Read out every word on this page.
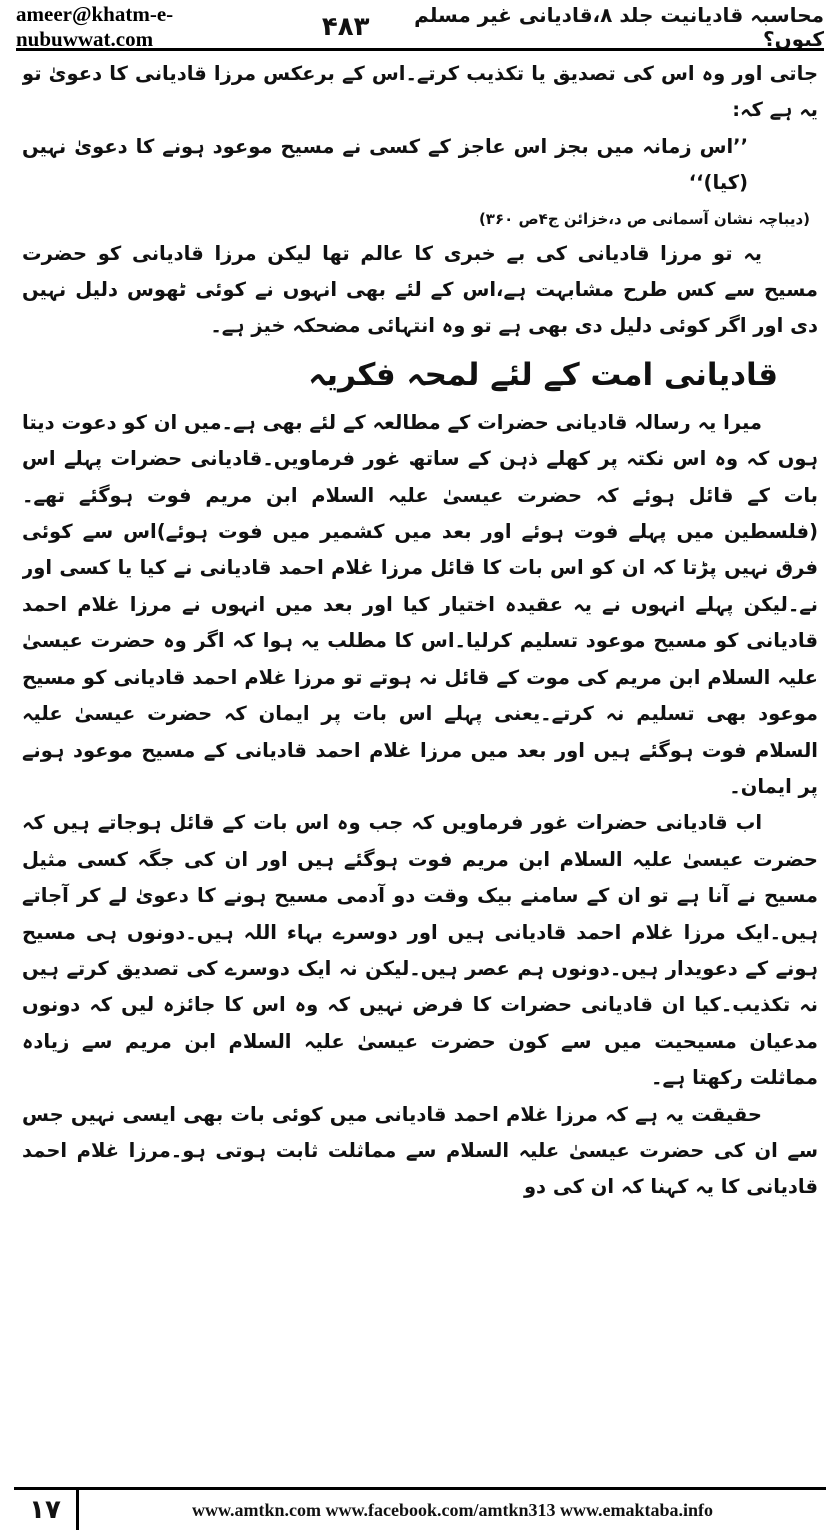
ameer@khatm-e-nubuwwat.com	۴۸۳	محاسبہ قادیانیت جلد ۸،قادیانی غیر مسلم کیوں؟

جاتی اور وہ اس کی تصدیق یا تکذیب کرتے۔اس کے برعکس مرزا قادیانی کا دعویٰ تو یہ ہے کہ:

’’اس زمانہ میں بجز اس عاجز کے کسی نے مسیح موعود ہونے کا دعویٰ نہیں (کیا)‘‘

(دیباچہ نشان آسمانی ص د،خزائن ج۴ص ۳۶۰)

یہ تو مرزا قادیانی کی بے خبری کا عالم تھا لیکن مرزا قادیانی کو حضرت مسیح سے کس طرح مشابہت ہے،اس کے لئے بھی انہوں نے کوئی ٹھوس دلیل نہیں دی اور اگر کوئی دلیل دی بھی ہے تو وہ انتہائی مضحکہ خیز ہے۔

قادیانی امت کے لئے لمحہ فکریہ

میرا یہ رسالہ قادیانی حضرات کے مطالعہ کے لئے بھی ہے۔میں ان کو دعوت دیتا ہوں کہ وہ اس نکتہ پر کھلے ذہن کے ساتھ غور فرماویں۔قادیانی حضرات پہلے اس بات کے قائل ہوئے کہ حضرت عیسیٰ علیہ السلام ابن مریم فوت ہوگئے تھے۔(فلسطین میں پہلے فوت ہوئے اور بعد میں کشمیر میں فوت ہوئے)اس سے کوئی فرق نہیں پڑتا کہ ان کو اس بات کا قائل مرزا غلام احمد قادیانی نے کیا یا کسی اور نے۔لیکن پہلے انہوں نے یہ عقیدہ اختیار کیا اور بعد میں انہوں نے مرزا غلام احمد قادیانی کو مسیح موعود تسلیم کرلیا۔اس کا مطلب یہ ہوا کہ اگر وہ حضرت عیسیٰ علیہ السلام ابن مریم کی موت کے قائل نہ ہوتے تو مرزا غلام احمد قادیانی کو مسیح موعود بھی تسلیم نہ کرتے۔یعنی پہلے اس بات پر ایمان کہ حضرت عیسیٰ علیہ السلام فوت ہوگئے ہیں اور بعد میں مرزا غلام احمد قادیانی کے مسیح موعود ہونے پر ایمان۔

اب قادیانی حضرات غور فرماویں کہ جب وہ اس بات کے قائل ہوجاتے ہیں کہ حضرت عیسیٰ علیہ السلام ابن مریم فوت ہوگئے ہیں اور ان کی جگہ کسی مثیل مسیح نے آنا ہے تو ان کے سامنے بیک وقت دو آدمی مسیح ہونے کا دعویٰ لے کر آجاتے ہیں۔ایک مرزا غلام احمد قادیانی ہیں اور دوسرے بہاء اللہ ہیں۔دونوں ہی مسیح ہونے کے دعویدار ہیں۔دونوں ہم عصر ہیں۔لیکن نہ ایک دوسرے کی تصدیق کرتے ہیں نہ تکذیب۔کیا ان قادیانی حضرات کا فرض نہیں کہ وہ اس کا جائزہ لیں کہ دونوں مدعیان مسیحیت میں سے کون حضرت عیسیٰ علیہ السلام ابن مریم سے زیادہ مماثلت رکھتا ہے۔

حقیقت یہ ہے کہ مرزا غلام احمد قادیانی میں کوئی بات بھی ایسی نہیں جس سے ان کی حضرت عیسیٰ علیہ السلام سے مماثلت ثابت ہوتی ہو۔مرزا غلام احمد قادیانی کا یہ کہنا کہ ان کی دو

۱۷	www.amtkn.com www.facebook.com/amtkn313 www.emaktaba.info
